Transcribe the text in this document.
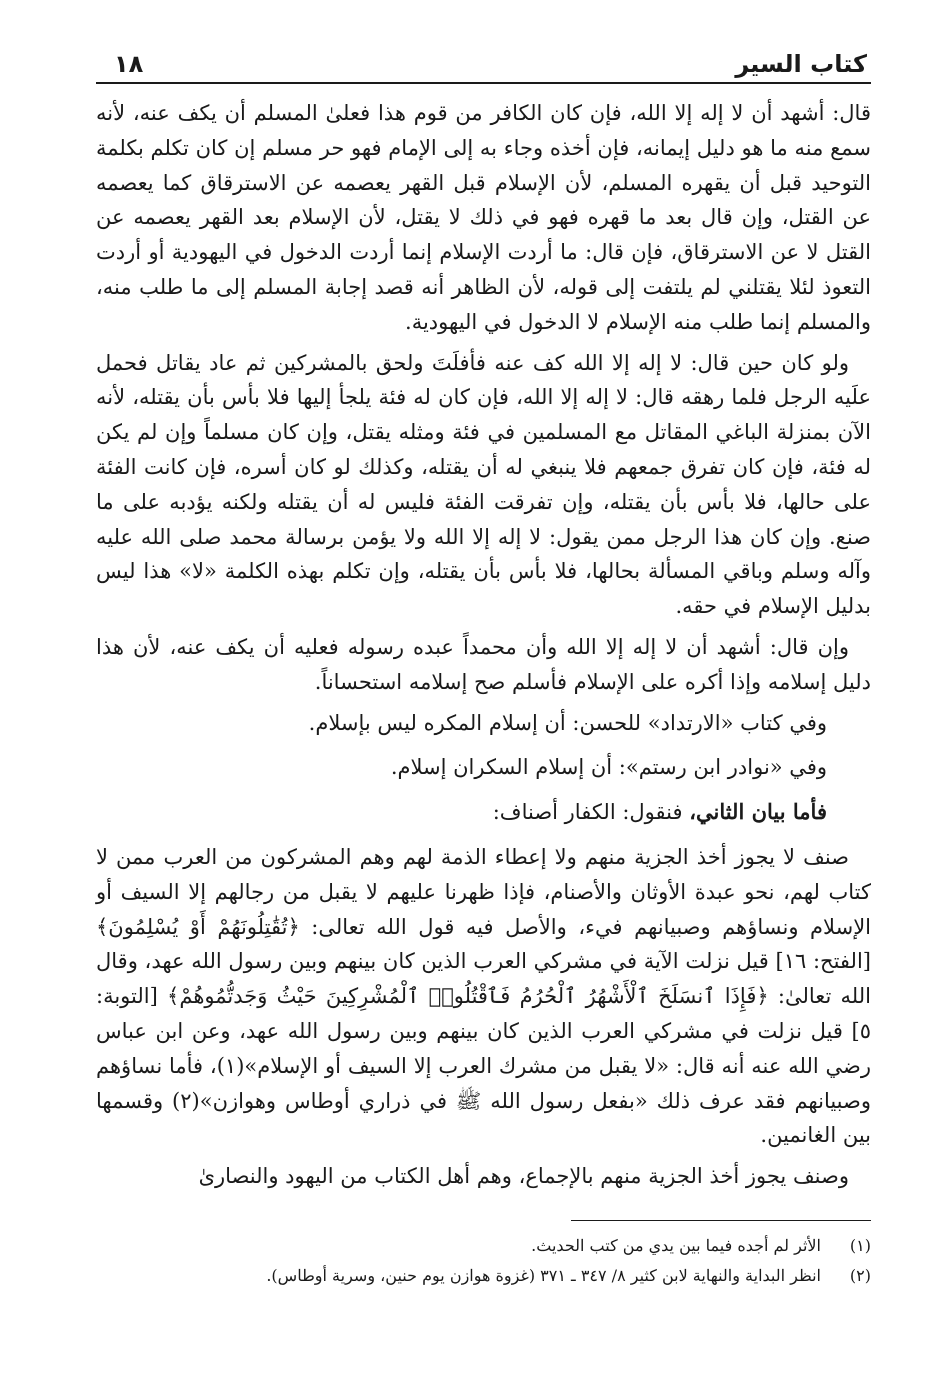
١٨	كتاب السير

قال: أشهد أن لا إله إلا الله، فإن كان الكافر من قوم هذا فعلىٰ المسلم أن يكف عنه، لأنه سمع منه ما هو دليل إيمانه، فإن أخذه وجاء به إلى الإمام فهو حر مسلم إن كان تكلم بكلمة التوحيد قبل أن يقهره المسلم، لأن الإسلام قبل القهر يعصمه عن الاسترقاق كما يعصمه عن القتل، وإن قال بعد ما قهره فهو في ذلك لا يقتل، لأن الإسلام بعد القهر يعصمه عن القتل لا عن الاسترقاق، فإن قال: ما أردت الإسلام إنما أردت الدخول في اليهودية أو أردت التعوذ لئلا يقتلني لم يلتفت إلى قوله، لأن الظاهر أنه قصد إجابة المسلم إلى ما طلب منه، والمسلم إنما طلب منه الإسلام لا الدخول في اليهودية.

ولو كان حين قال: لا إله إلا الله كف عنه فأفلَتَ ولحق بالمشركين ثم عاد يقاتل فحمل علَيه الرجل فلما رهقه قال: لا إله إلا الله، فإن كان له فئة يلجأ إليها فلا بأس بأن يقتله، لأنه الآن بمنزلة الباغي المقاتل مع المسلمين في فئة ومثله يقتل، وإن كان مسلماً وإن لم يكن له فئة، فإن كان تفرق جمعهم فلا ينبغي له أن يقتله، وكذلك لو كان أسره، فإن كانت الفئة على حالها، فلا بأس بأن يقتله، وإن تفرقت الفئة فليس له أن يقتله ولكنه يؤدبه على ما صنع. وإن كان هذا الرجل ممن يقول: لا إله إلا الله ولا يؤمن برسالة محمد صلى الله عليه وآله وسلم وباقي المسألة بحالها، فلا بأس بأن يقتله، وإن تكلم بهذه الكلمة «لا» هذا ليس بدليل الإسلام في حقه.

وإن قال: أشهد أن لا إله إلا الله وأن محمداً عبده رسوله فعليه أن يكف عنه، لأن هذا دليل إسلامه وإذا أكره على الإسلام فأسلم صح إسلامه استحساناً.

وفي كتاب «الارتداد» للحسن: أن إسلام المكره ليس بإسلام.

وفي «نوادر ابن رستم»: أن إسلام السكران إسلام.

فأما بيان الثاني، فنقول: الكفار أصناف:

صنف لا يجوز أخذ الجزية منهم ولا إعطاء الذمة لهم وهم المشركون من العرب ممن لا كتاب لهم، نحو عبدة الأوثان والأصنام، فإذا ظهرنا عليهم لا يقبل من رجالهم إلا السيف أو الإسلام ونساؤهم وصبيانهم فيء، والأصل فيه قول الله تعالى: ﴿تُقَٰتِلُونَهُمْ أَوْ يُسْلِمُونَ﴾ [الفتح: ١٦] قيل نزلت الآية في مشركي العرب الذين كان بينهم وبين رسول الله عهد، وقال الله تعالىٰ: ﴿فَإِذَا ٱنسَلَخَ ٱلْأَشْهُرُ ٱلْحُرُمُ فَٱقْتُلُوا۟ ٱلْمُشْرِكِينَ حَيْثُ وَجَدتُّمُوهُمْ﴾ [التوبة: ٥] قيل نزلت في مشركي العرب الذين كان بينهم وبين رسول الله عهد، وعن ابن عباس رضي الله عنه أنه قال: «لا يقبل من مشرك العرب إلا السيف أو الإسلام»(١)، فأما نساؤهم وصبيانهم فقد عرف ذلك «بفعل رسول الله ﷺ في ذراري أوطاس وهوازن»(٢) وقسمها بين الغانمين.

وصنف يجوز أخذ الجزية منهم بالإجماع، وهم أهل الكتاب من اليهود والنصارىٰ

(١)
الأثر لم أجده فيما بين يدي من كتب الحديث.
(٢)
انظر البداية والنهاية لابن كثير ٨/ ٣٤٧ ـ ٣٧١ (غزوة هوازن يوم حنين، وسرية أوطاس).
